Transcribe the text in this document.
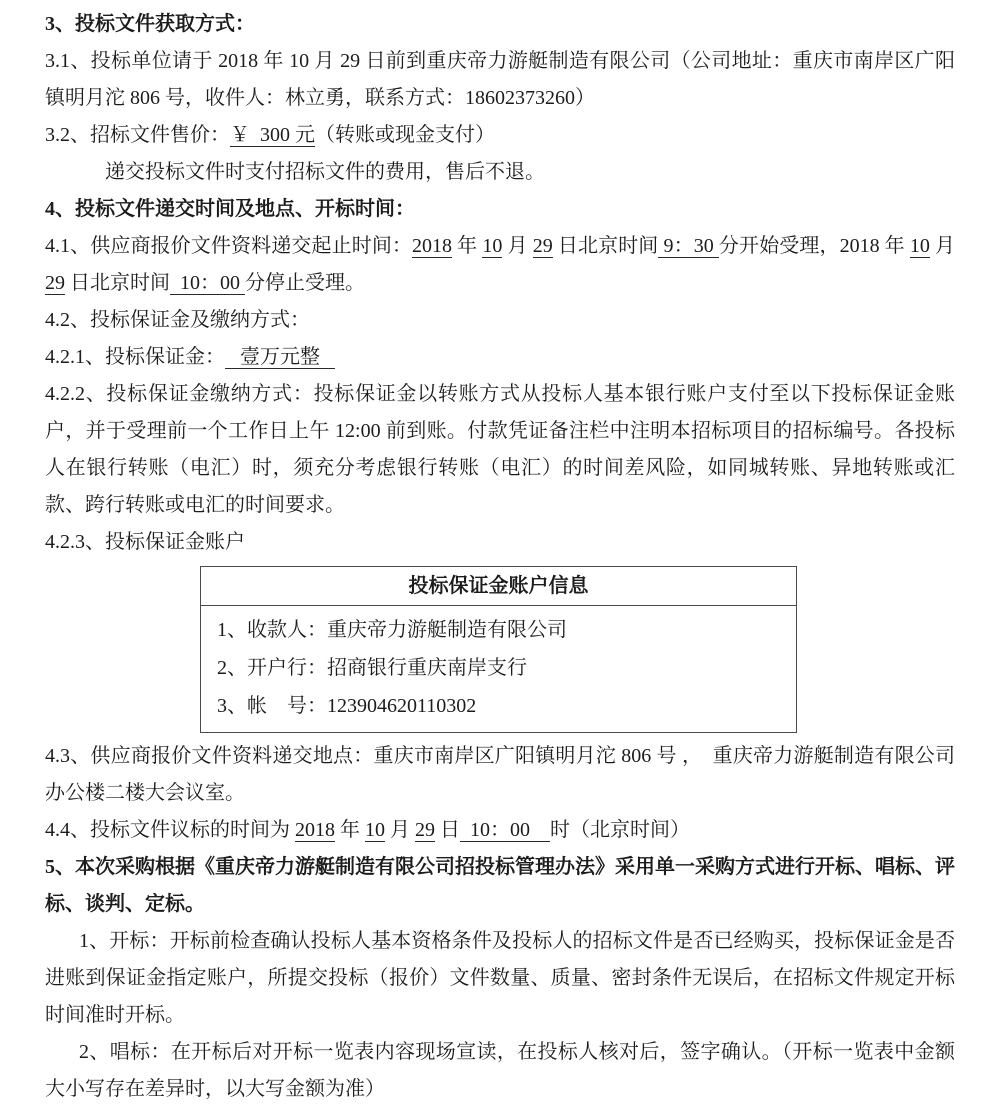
3、投标文件获取方式：

3.1、投标单位请于 2018 年 10 月 29 日前到重庆帝力游艇制造有限公司（公司地址：重庆市南岸区广阳镇明月沱 806 号，收件人：林立勇，联系方式：18602373260）

3.2、招标文件售价：￥  300 元（转账或现金支付）

递交投标文件时支付招标文件的费用，售后不退。

4、投标文件递交时间及地点、开标时间：

4.1、供应商报价文件资料递交起止时间：2018 年 10 月 29 日北京时间 9：30 分开始受理，2018 年 10 月 29 日北京时间  10：00 分停止受理。

4.2、投标保证金及缴纳方式：

4.2.1、投标保证金：   壹万元整

4.2.2、投标保证金缴纳方式：投标保证金以转账方式从投标人基本银行账户支付至以下投标保证金账户，并于受理前一个工作日上午 12:00 前到账。付款凭证备注栏中注明本招标项目的招标编号。各投标人在银行转账（电汇）时，须充分考虑银行转账（电汇）的时间差风险，如同城转账、异地转账或汇款、跨行转账或电汇的时间要求。

4.2.3、投标保证金账户

投标保证金账户信息
1、收款人：重庆帝力游艇制造有限公司
2、开户行：招商银行重庆南岸支行
3、帐　号：123904620110302

4.3、供应商报价文件资料递交地点：重庆市南岸区广阳镇明月沱 806 号 ，  重庆帝力游艇制造有限公司办公楼二楼大会议室。

4.4、投标文件议标的时间为 2018 年 10 月 29 日  10：00    时（北京时间）

5、本次采购根据《重庆帝力游艇制造有限公司招投标管理办法》采用单一采购方式进行开标、唱标、评标、谈判、定标。

1、开标：开标前检查确认投标人基本资格条件及投标人的招标文件是否已经购买，投标保证金是否进账到保证金指定账户，所提交投标（报价）文件数量、质量、密封条件无误后，在招标文件规定开标时间准时开标。

2、唱标：在开标后对开标一览表内容现场宣读，在投标人核对后，签字确认。（开标一览表中金额大小写存在差异时，以大写金额为准）
